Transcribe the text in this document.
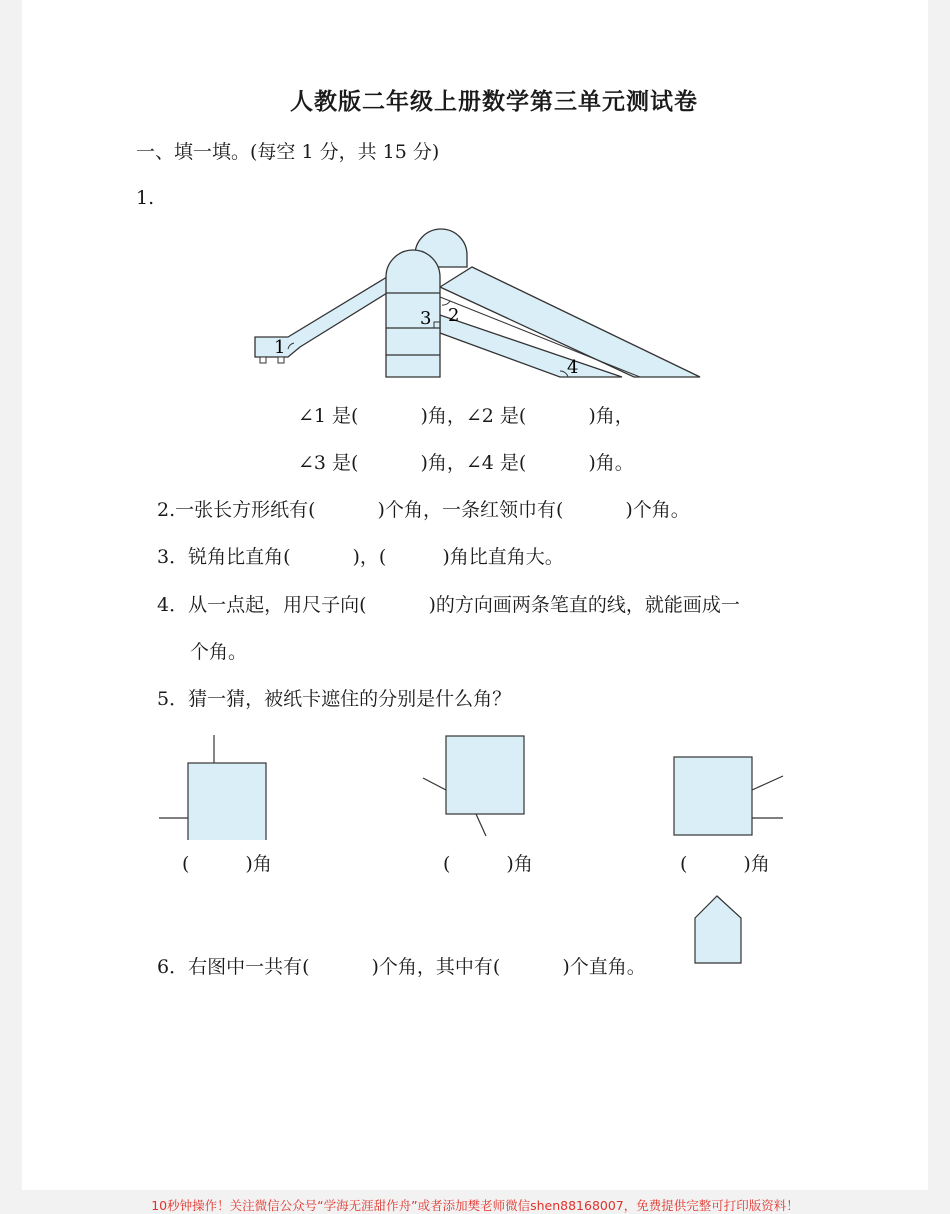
人教版二年级上册数学第三单元测试卷
一、填一填。(每空 1 分，共 15 分)
1.
1
2
3
4
∠1 是(	)角，∠2 是(	)角，
∠3 是(	)角，∠4 是(	)角。
2.一张长方形纸有(	)个角，一条红领巾有(	)个角。
3．锐角比直角(	)，(	)角比直角大。
4．从一点起，用尺子向(	)的方向画两条笔直的线，就能画成一
个角。
5．猜一猜，被纸卡遮住的分别是什么角？
(	)角	(	)角	(	)角
6．右图中一共有(	)个角，其中有(	)个直角。
10秒钟操作！关注微信公众号“学海无涯甜作舟”或者添加樊老师微信shen88168007，免费提供完整可打印版资料！
